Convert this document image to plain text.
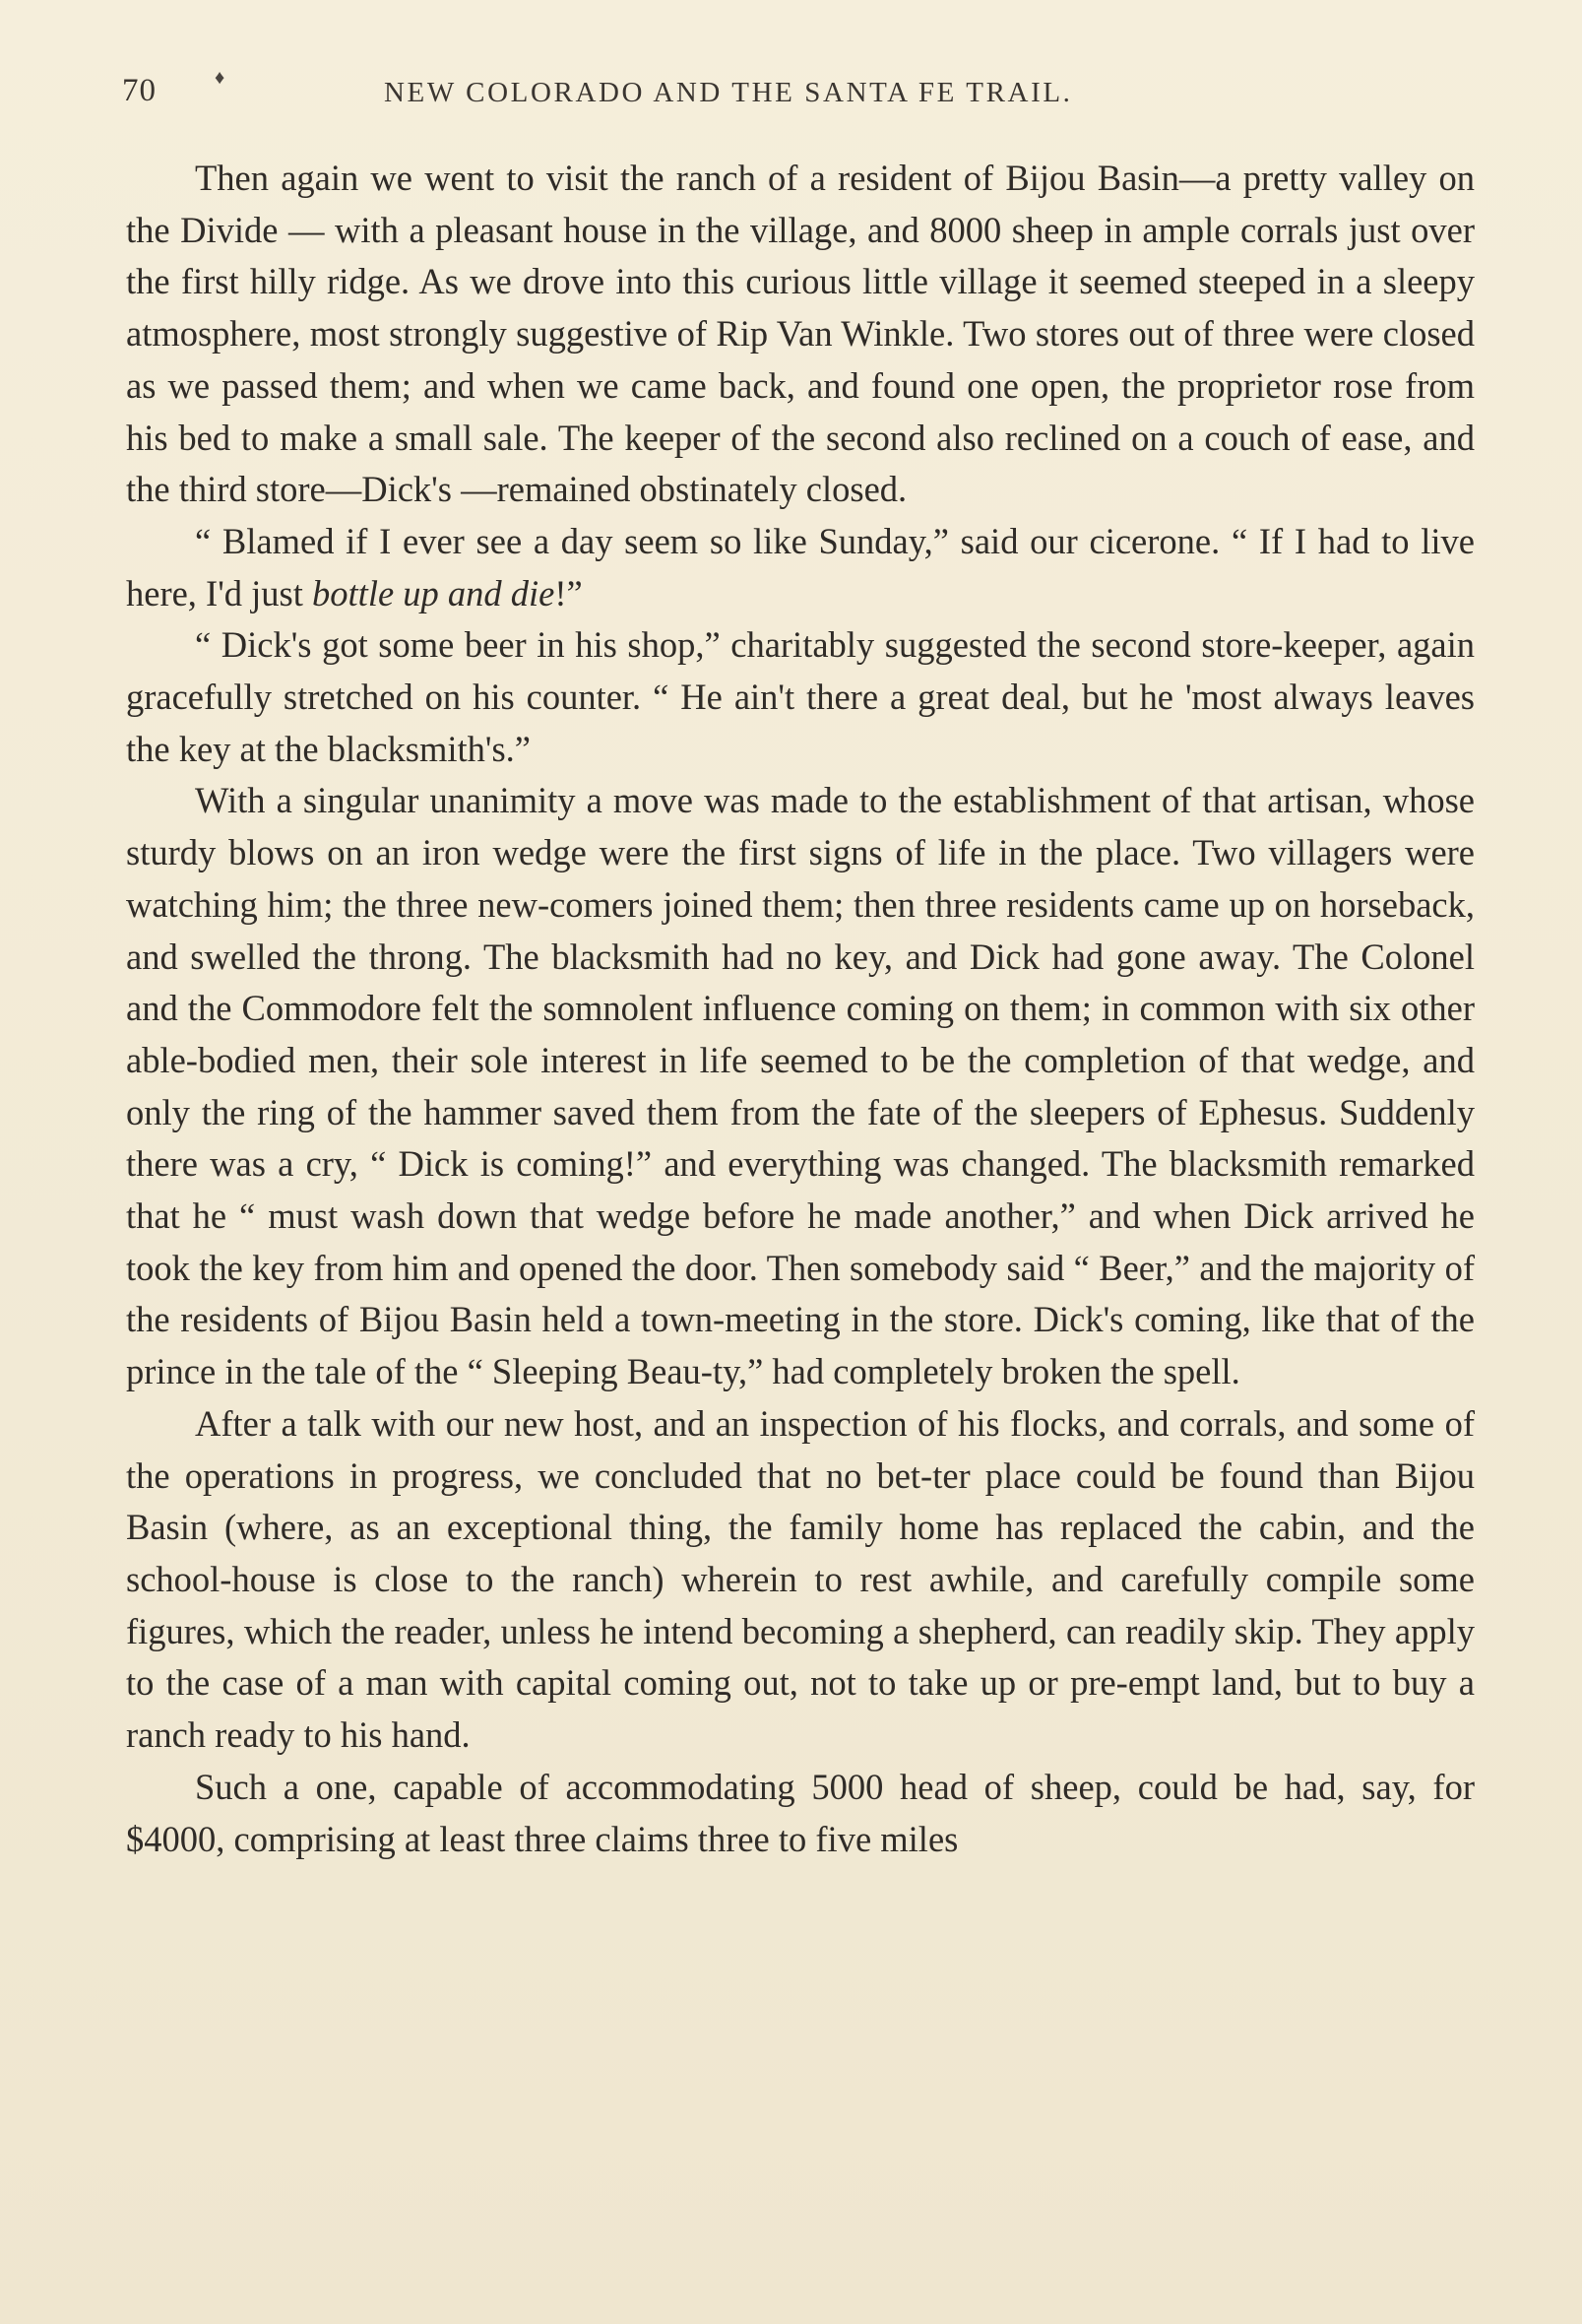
70	♦	NEW COLORADO AND THE SANTA FE TRAIL.

Then again we went to visit the ranch of a resident of Bijou Basin—a pretty valley on the Divide — with a pleasant house in the village, and 8000 sheep in ample corrals just over the first hilly ridge. As we drove into this curious little village it seemed steeped in a sleepy atmosphere, most strongly suggestive of Rip Van Winkle. Two stores out of three were closed as we passed them; and when we came back, and found one open, the proprietor rose from his bed to make a small sale. The keeper of the second also reclined on a couch of ease, and the third store—Dick's —remained obstinately closed.

“ Blamed if I ever see a day seem so like Sunday,” said our cicerone. “ If I had to live here, I'd just bottle up and die!”

“ Dick's got some beer in his shop,” charitably suggested the second store-keeper, again gracefully stretched on his counter. “ He ain't there a great deal, but he 'most always leaves the key at the blacksmith's.”

With a singular unanimity a move was made to the establishment of that artisan, whose sturdy blows on an iron wedge were the first signs of life in the place. Two villagers were watching him; the three new-comers joined them; then three residents came up on horseback, and swelled the throng. The blacksmith had no key, and Dick had gone away. The Colonel and the Commodore felt the somnolent influence coming on them; in common with six other able-bodied men, their sole interest in life seemed to be the completion of that wedge, and only the ring of the hammer saved them from the fate of the sleepers of Ephesus. Suddenly there was a cry, “ Dick is coming!” and everything was changed. The blacksmith remarked that he “ must wash down that wedge before he made another,” and when Dick arrived he took the key from him and opened the door. Then somebody said “ Beer,” and the majority of the residents of Bijou Basin held a town-meeting in the store. Dick's coming, like that of the prince in the tale of the “ Sleeping Beau-ty,” had completely broken the spell.

After a talk with our new host, and an inspection of his flocks, and corrals, and some of the operations in progress, we concluded that no bet-ter place could be found than Bijou Basin (where, as an exceptional thing, the family home has replaced the cabin, and the school-house is close to the ranch) wherein to rest awhile, and carefully compile some figures, which the reader, unless he intend becoming a shepherd, can readily skip. They apply to the case of a man with capital coming out, not to take up or pre-empt land, but to buy a ranch ready to his hand.

Such a one, capable of accommodating 5000 head of sheep, could be had, say, for $4000, comprising at least three claims three to five miles
